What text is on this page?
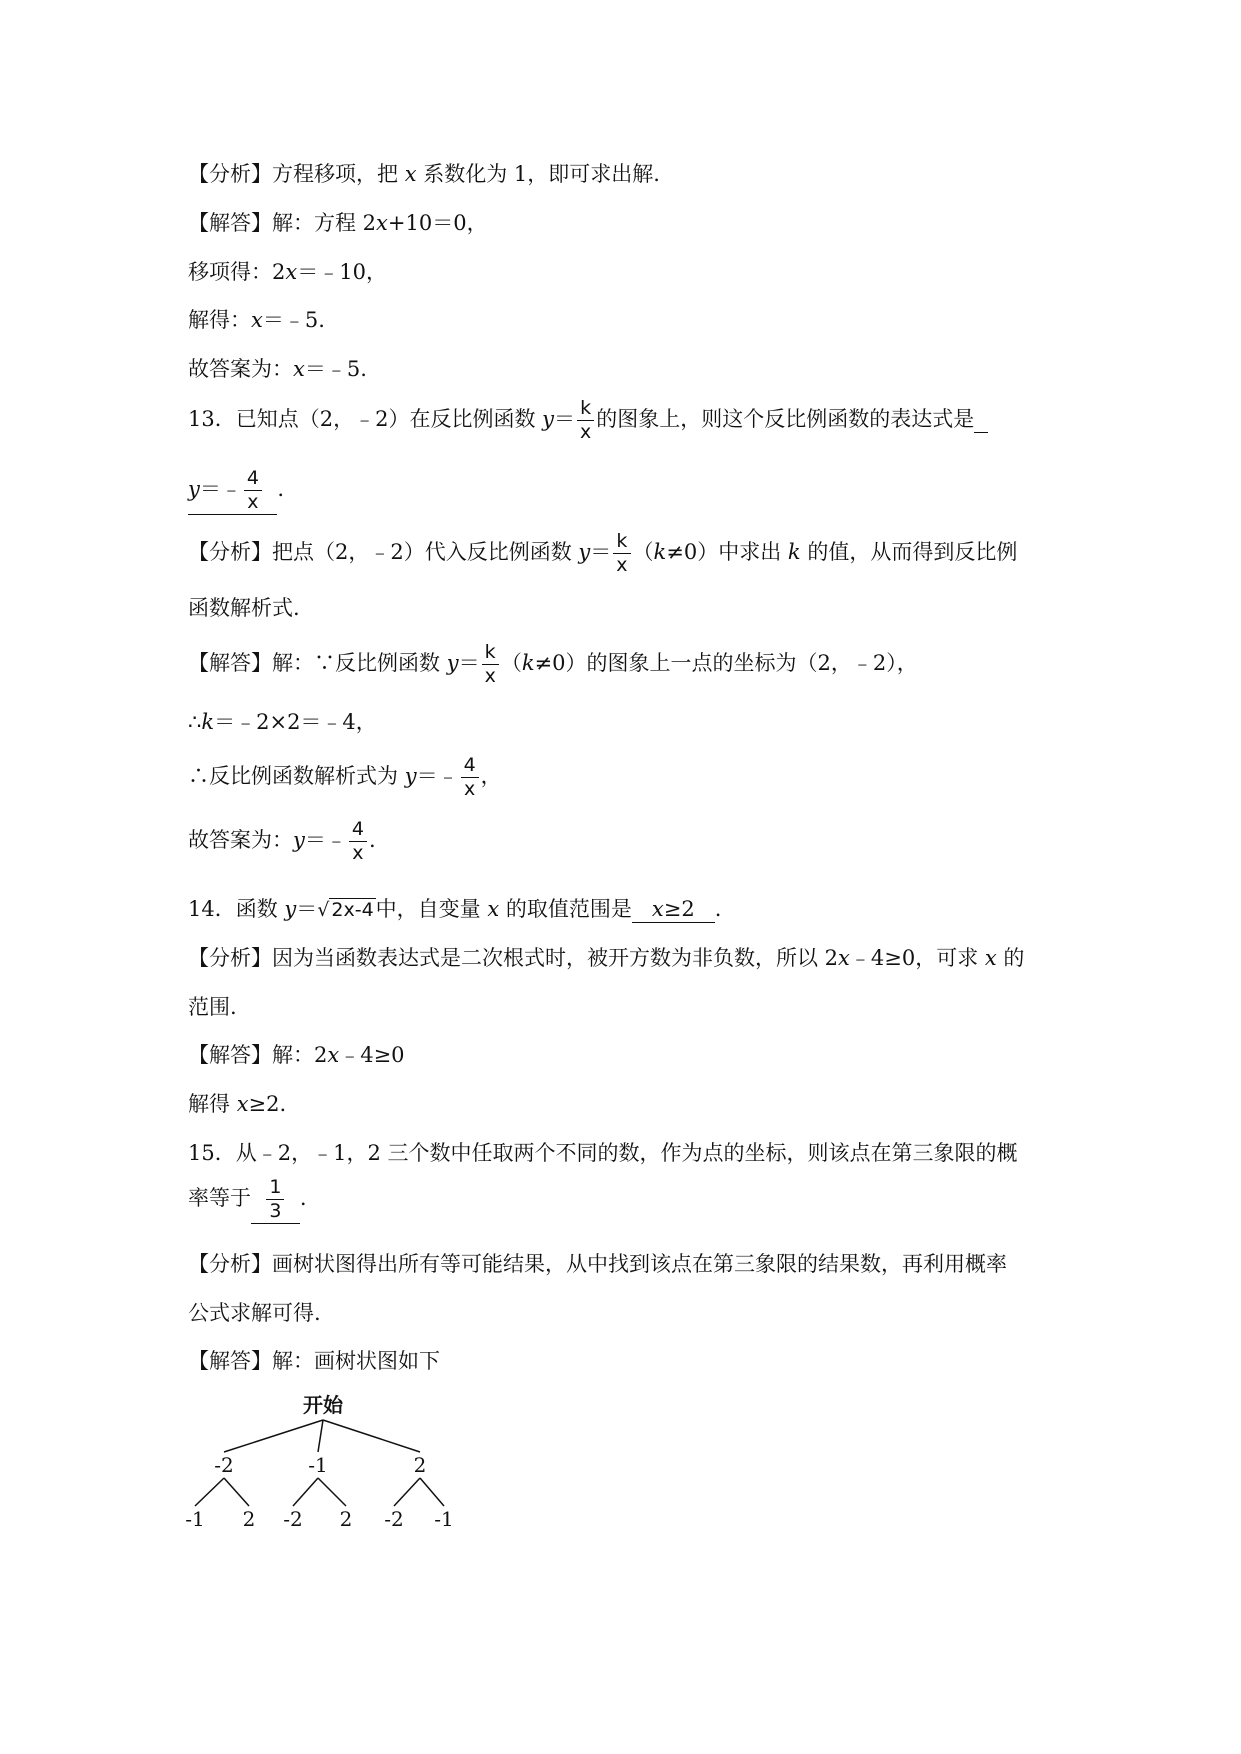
【分析】方程移项，把 x 系数化为 1，即可求出解.
【解答】解：方程 2x+10＝0，
移项得：2x＝﹣10，
解得：x＝﹣5.
故答案为：x＝﹣5.
13．已知点（2，﹣2）在反比例函数 $y= \frac{k}{x}$ 的图象上，则这个反比例函数的表达式是
y＝﹣ $\frac{4}{x}$ .
【分析】把点（2，﹣2）代入反比例函数 $y= \frac{k}{x} (k\ne 0)$中求出 k 的值，从而得到反比例
函数解析式.
【解答】解：∵反比例函数 $y= \frac{k}{x} (k\ne 0)$的图象上一点的坐标为（2，﹣2），
∴k＝﹣2×2＝﹣4，
∴反比例函数解析式为 y＝﹣ $\frac{4}{x}$ ，
故答案为：y＝﹣ $\frac{4}{x}$ .
14．函数 y＝√ 2x-4中，自变量 x 的取值范围是 x≥2 .
【分析】因为当函数表达式是二次根式时，被开方数为非负数，所以 2x﹣4≥0，可求 x 的
范围.
【解答】解：2x﹣4≥0
解得 x≥2.
15．从﹣2，﹣1，2 三个数中任取两个不同的数，作为点的坐标，则该点在第三象限的概
率等于 $\frac{1}{3}$ .
【分析】画树状图得出所有等可能结果，从中找到该点在第三象限的结果数，再利用概率
公式求解可得.
【解答】解：画树状图如下
开始
-2	-1	2
-1 2 -2 2 -2 -1
